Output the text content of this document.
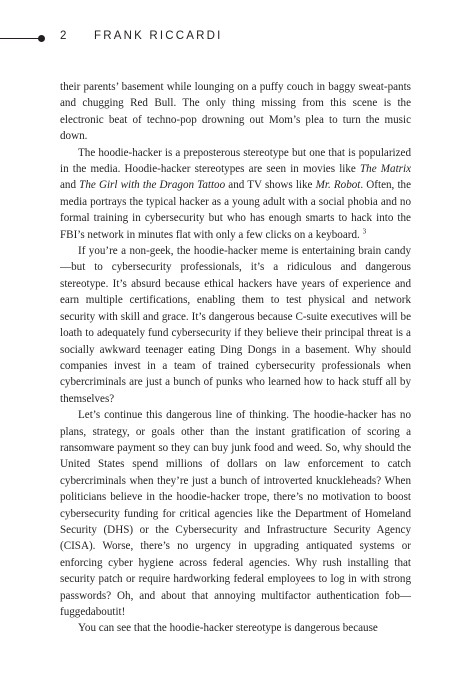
2 FRANK RICCARDI

their parents’ basement while lounging on a puffy couch in baggy sweat-pants and chugging Red Bull. The only thing missing from this scene is the electronic beat of techno-pop drowning out Mom’s plea to turn the music down.

The hoodie-hacker is a preposterous stereotype but one that is popularized in the media. Hoodie-hacker stereotypes are seen in movies like The Matrix and The Girl with the Dragon Tattoo and TV shows like Mr. Robot. Often, the media portrays the typical hacker as a young adult with a social phobia and no formal training in cybersecurity but who has enough smarts to hack into the FBI’s network in minutes flat with only a few clicks on a keyboard. $^3$

If you’re a non-geek, the hoodie-hacker meme is entertaining brain candy—but to cybersecurity professionals, it’s a ridiculous and dangerous stereotype. It’s absurd because ethical hackers have years of experience and earn multiple certifications, enabling them to test physical and network security with skill and grace. It’s dangerous because C-suite executives will be loath to adequately fund cybersecurity if they believe their principal threat is a socially awkward teenager eating Ding Dongs in a basement. Why should companies invest in a team of trained cybersecurity professionals when cybercriminals are just a bunch of punks who learned how to hack stuff all by themselves?

Let’s continue this dangerous line of thinking. The hoodie-hacker has no plans, strategy, or goals other than the instant gratification of scoring a ransomware payment so they can buy junk food and weed. So, why should the United States spend millions of dollars on law enforcement to catch cybercriminals when they’re just a bunch of introverted knuckleheads? When politicians believe in the hoodie-hacker trope, there’s no motivation to boost cybersecurity funding for critical agencies like the Department of Homeland Security (DHS) or the Cybersecurity and Infrastructure Security Agency (CISA). Worse, there’s no urgency in upgrading antiquated systems or enforcing cyber hygiene across federal agencies. Why rush installing that security patch or require hardworking federal employees to log in with strong passwords? Oh, and about that annoying multifactor authentication fob—fuggedaboutit!

You can see that the hoodie-hacker stereotype is dangerous because
